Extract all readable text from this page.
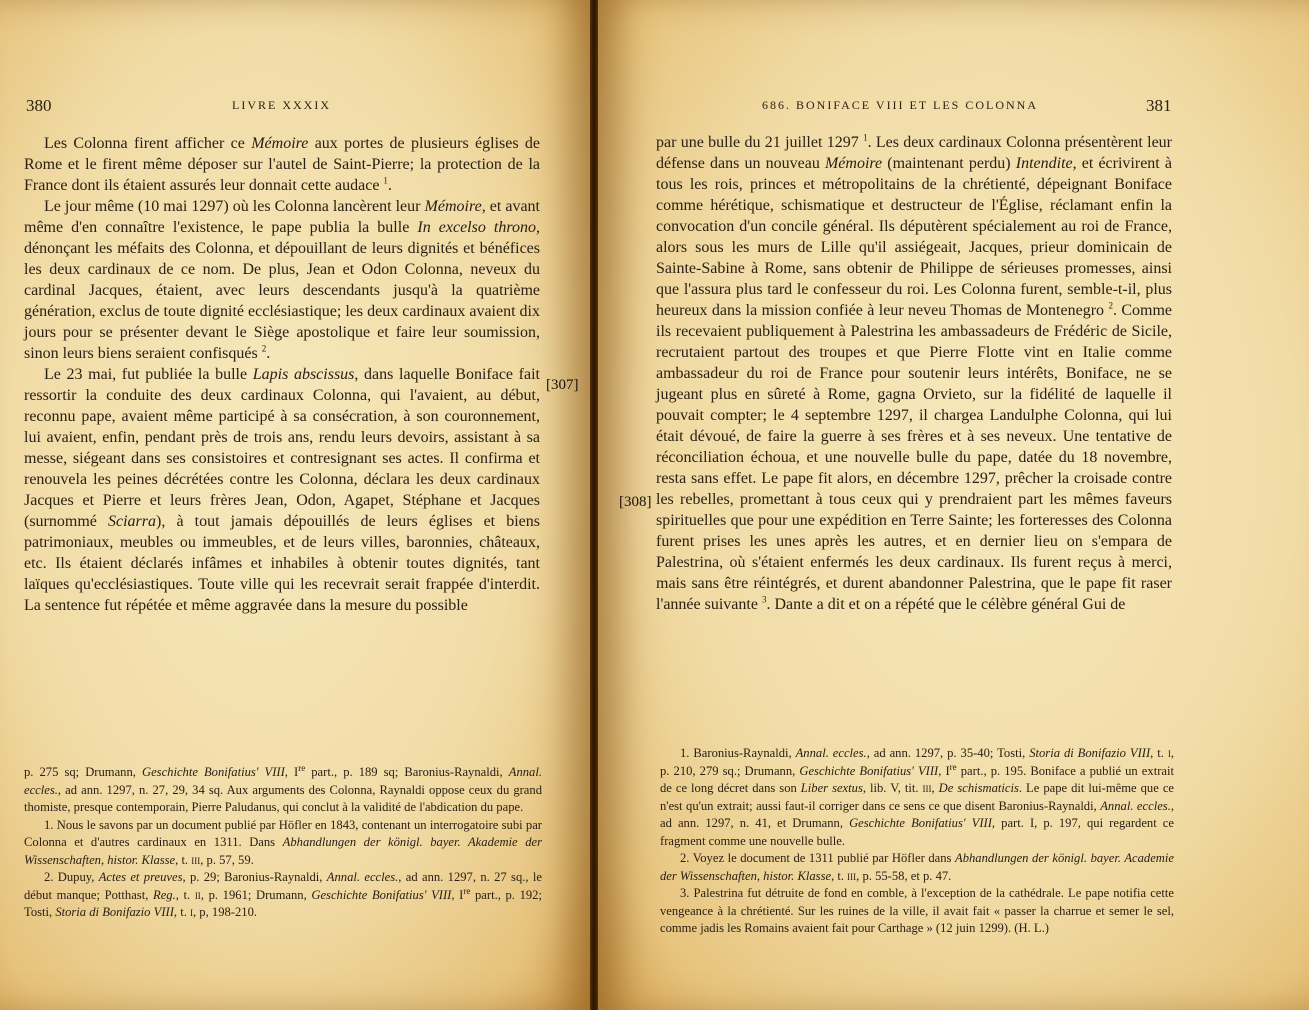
380	LIVRE XXXIX

Les Colonna firent afficher ce Mémoire aux portes de plusieurs églises de Rome et le firent même déposer sur l'autel de Saint-Pierre; la protection de la France dont ils étaient assurés leur donnait cette audace $^1$.

Le jour même (10 mai 1297) où les Colonna lancèrent leur Mémoire, et avant même d'en connaître l'existence, le pape publia la bulle In excelso throno, dénonçant les méfaits des Colonna, et dépouillant de leurs dignités et bénéfices les deux cardinaux de ce nom. De plus, Jean et Odon Colonna, neveux du cardinal Jacques, étaient, avec leurs descendants jusqu'à la quatrième génération, exclus de toute dignité ecclésiastique; les deux cardinaux avaient dix jours pour se présenter devant le Siège apostolique et faire leur soumission, sinon leurs biens seraient confisqués $^2$.

Le 23 mai, fut publiée la bulle Lapis abscissus, dans laquelle Boniface fait ressortir la conduite des deux cardinaux Colonna, qui l'avaient, au début, reconnu pape, avaient même participé à sa consécration, à son couronnement, lui avaient, enfin, pendant près de trois ans, rendu leurs devoirs, assistant à sa messe, siégeant dans ses consistoires et contresignant ses actes. Il confirma et renouvela les peines décrétées contre les Colonna, déclara les deux cardinaux Jacques et Pierre et leurs frères Jean, Odon, Agapet, Stéphane et Jacques (surnommé Sciarra), à tout jamais dépouillés de leurs églises et biens patrimoniaux, meubles ou immeubles, et de leurs villes, baronnies, châteaux, etc. Ils étaient déclarés infâmes et inhabiles à obtenir toutes dignités, tant laïques qu'ecclésiastiques. Toute ville qui les recevrait serait frappée d'interdit. La sentence fut répétée et même aggravée dans la mesure du possible

[307]

p. 275 sq; Drumann, Geschichte Bonifatius' VIII, Ire part., p. 189 sq; Baronius-Raynaldi, Annal. eccles., ad ann. 1297, n. 27, 29, 34 sq. Aux arguments des Colonna, Raynaldi oppose ceux du grand thomiste, presque contemporain, Pierre Paludanus, qui conclut à la validité de l'abdication du pape.

1. Nous le savons par un document publié par Höfler en 1843, contenant un interrogatoire subi par Colonna et d'autres cardinaux en 1311. Dans Abhandlungen der königl. bayer. Akademie der Wissenschaften, histor. Klasse, t. iii, p. 57, 59.

2. Dupuy, Actes et preuves, p. 29; Baronius-Raynaldi, Annal. eccles., ad ann. 1297, n. 27 sq., le début manque; Potthast, Reg., t. ii, p. 1961; Drumann, Geschichte Bonifatius' VIII, Ire part., p. 192; Tosti, Storia di Bonifazio VIII, t. i, p, 198-210.

686. BONIFACE VIII ET LES COLONNA	381
[308]

par une bulle du 21 juillet 1297 $^1$. Les deux cardinaux Colonna présentèrent leur défense dans un nouveau Mémoire (maintenant perdu) Intendite, et écrivirent à tous les rois, princes et métropolitains de la chrétienté, dépeignant Boniface comme hérétique, schismatique et destructeur de l'Église, réclamant enfin la convocation d'un concile général. Ils députèrent spécialement au roi de France, alors sous les murs de Lille qu'il assiégeait, Jacques, prieur dominicain de Sainte-Sabine à Rome, sans obtenir de Philippe de sérieuses promesses, ainsi que l'assura plus tard le confesseur du roi. Les Colonna furent, semble-t-il, plus heureux dans la mission confiée à leur neveu Thomas de Montenegro $^2$. Comme ils recevaient publiquement à Palestrina les ambassadeurs de Frédéric de Sicile, recrutaient partout des troupes et que Pierre Flotte vint en Italie comme ambassadeur du roi de France pour soutenir leurs intérêts, Boniface, ne se jugeant plus en sûreté à Rome, gagna Orvieto, sur la fidélité de laquelle il pouvait compter; le 4 septembre 1297, il chargea Landulphe Colonna, qui lui était dévoué, de faire la guerre à ses frères et à ses neveux. Une tentative de réconciliation échoua, et une nouvelle bulle du pape, datée du 18 novembre, resta sans effet. Le pape fit alors, en décembre 1297, prêcher la croisade contre les rebelles, promettant à tous ceux qui y prendraient part les mêmes faveurs spirituelles que pour une expédition en Terre Sainte; les forteresses des Colonna furent prises les unes après les autres, et en dernier lieu on s'empara de Palestrina, où s'étaient enfermés les deux cardinaux. Ils furent reçus à merci, mais sans être réintégrés, et durent abandonner Palestrina, que le pape fit raser l'année suivante $^3$. Dante a dit et on a répété que le célèbre général Gui de

1. Baronius-Raynaldi, Annal. eccles., ad ann. 1297, p. 35-40; Tosti, Storia di Bonifazio VIII, t. i, p. 210, 279 sq.; Drumann, Geschichte Bonifatius' VIII, Ire part., p. 195. Boniface a publié un extrait de ce long décret dans son Liber sextus, lib. V, tit. iii, De schismaticis. Le pape dit lui-même que ce n'est qu'un extrait; aussi faut-il corriger dans ce sens ce que disent Baronius-Raynaldi, Annal. eccles., ad ann. 1297, n. 41, et Drumann, Geschichte Bonifatius' VIII, part. I, p. 197, qui regardent ce fragment comme une nouvelle bulle.

2. Voyez le document de 1311 publié par Höfler dans Abhandlungen der königl. bayer. Academie der Wissenschaften, histor. Klasse, t. iii, p. 55-58, et p. 47.

3. Palestrina fut détruite de fond en comble, à l'exception de la cathédrale. Le pape notifia cette vengeance à la chrétienté. Sur les ruines de la ville, il avait fait « passer la charrue et semer le sel, comme jadis les Romains avaient fait pour Carthage » (12 juin 1299). (H. L.)
